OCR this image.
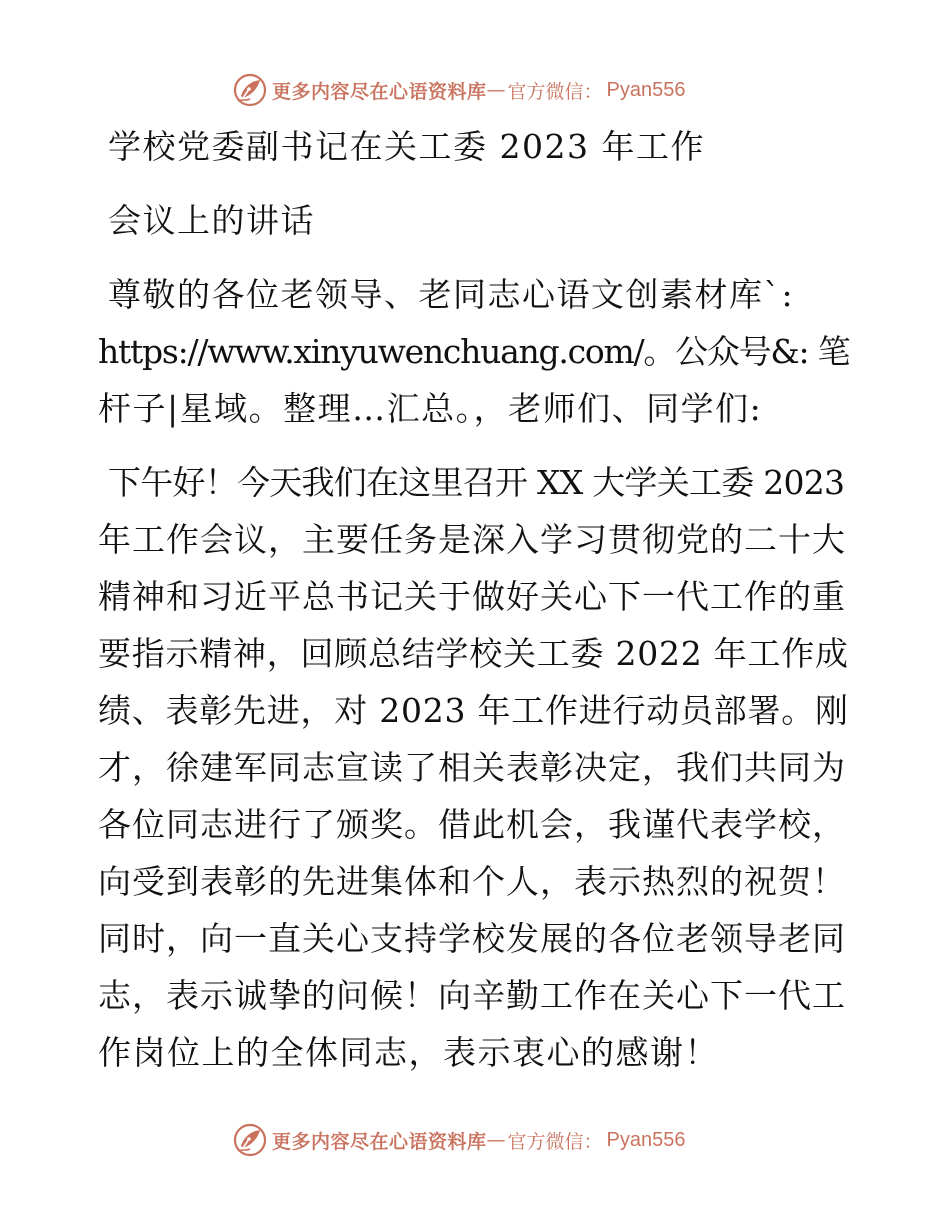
更多内容尽在心语资料库 — 官方微信： Pyan556
学校党委副书记在关工委 2023 年工作
会议上的讲话
尊敬的各位老领导、老同志心语文创素材库`:
https://www.xinyuwenchuang.com/。公众号&: 笔
杆子|星域。整理…汇总。，老师们、同学们:
下午好！今天我们在这里召开 XX 大学关工委 2023
年工作会议，主要任务是深入学习贯彻党的二十大
精神和习近平总书记关于做好关心下一代工作的重
要指示精神，回顾总结学校关工委 2022 年工作成
绩、表彰先进，对 2023 年工作进行动员部署。刚
才，徐建军同志宣读了相关表彰决定，我们共同为
各位同志进行了颁奖。借此机会，我谨代表学校，
向受到表彰的先进集体和个人，表示热烈的祝贺！
同时，向一直关心支持学校发展的各位老领导老同
志，表示诚挚的问候！向辛勤工作在关心下一代工
作岗位上的全体同志，表示衷心的感谢！
更多内容尽在心语资料库 — 官方微信： Pyan556
